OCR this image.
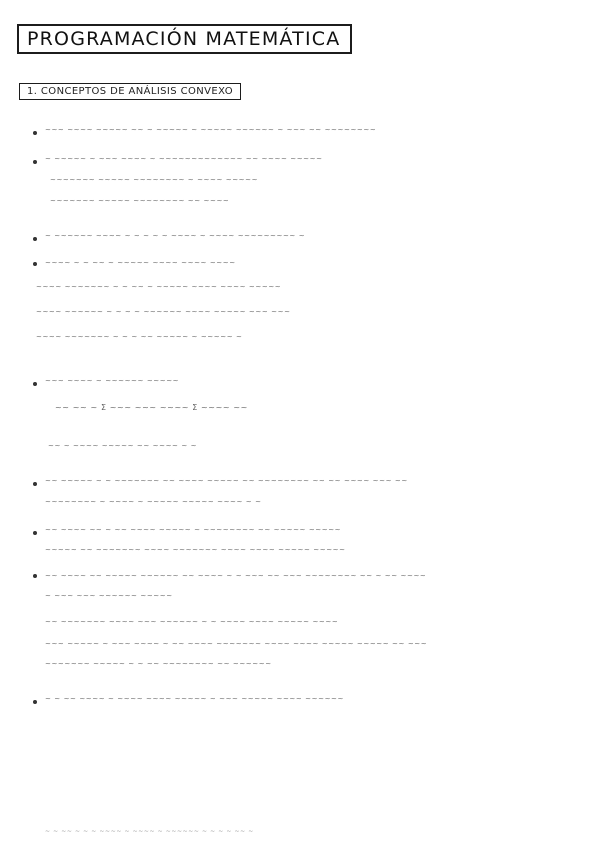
PROGRAMACIÓN MATEMÁTICA
1. CONCEPTOS DE ANÁLISIS CONVEXO
~~~ ~~~~ ~~~~~ ~~ ~ ~~~~~ ~ ~~~~~ ~~~~~~ ~ ~~~ ~~ ~~~~~~~~
~ ~~~~~ ~ ~~~ ~~~~ ~ ~~~~~~~~~~~~~ ~~ ~~~~ ~~~~~
~~~~~~~ ~~~~~ ~~~~~~~~ ~ ~~~~ ~~~~~
~~~~~~~ ~~~~~ ~~~~~~~~ ~~ ~~~~
~ ~~~~~~ ~~~~ ~ ~ ~ ~ ~ ~~~~ ~ ~~~~ ~~~~~~~~~ ~
~~~~ ~ ~ ~~ ~ ~~~~~ ~~~~ ~~~~ ~~~~
~~~~ ~~~~~~~ ~ ~ ~~ ~ ~~~~~ ~~~~ ~~~~ ~~~~~
~~~~ ~~~~~~ ~ ~ ~ ~ ~~~~~~ ~~~~ ~~~~~ ~~~ ~~~
~~~~ ~~~~~~~ ~ ~ ~ ~~ ~~~~~ ~ ~~~~~ ~
~~~ ~~~~ ~ ~~~~~~ ~~~~~
~~ ~~ ~ Σ ~~~ ~~~ ~~~~ Σ ~~~~ ~~
~~ ~ ~~~~ ~~~~~ ~~ ~~~~ ~ ~
~~ ~~~~~ ~ ~ ~~~~~~~ ~~ ~~~~ ~~~~~ ~~ ~~~~~~~~ ~~ ~~ ~~~~ ~~~ ~~
~~~~~~~~ ~ ~~~~ ~ ~~~~~ ~~~~~ ~~~~ ~ ~
~~ ~~~~ ~~ ~ ~~ ~~~~ ~~~~~ ~ ~~~~~~~~ ~~ ~~~~~ ~~~~~
~~~~~ ~~ ~~~~~~~ ~~~~ ~~~~~~~ ~~~~ ~~~~ ~~~~~ ~~~~~
~~ ~~~~ ~~ ~~~~~ ~~~~~~ ~~ ~~~~ ~ ~ ~~~ ~~ ~~~ ~~~~~~~~ ~~ ~ ~~ ~~~~
~ ~~~ ~~~ ~~~~~~ ~~~~~
~~ ~~~~~~~ ~~~~ ~~~ ~~~~~~ ~ ~ ~~~~ ~~~~ ~~~~~ ~~~~
~~~ ~~~~~ ~ ~~~ ~~~~ ~ ~~ ~~~~ ~~~~~~~ ~~~~ ~~~~ ~~~~~ ~~~~~ ~~ ~~~
~~~~~~~ ~~~~~ ~ ~ ~~ ~~~~~~~~ ~~ ~~~~~~
~ ~ ~~ ~~~~ ~ ~~~~ ~~~~ ~~~~~ ~ ~~~ ~~~~~ ~~~~ ~~~~~~
~ ~ ~~ ~ ~ ~ ~~~~ ~ ~~~~ ~ ~~~~~~ ~ ~ ~ ~ ~~ ~
